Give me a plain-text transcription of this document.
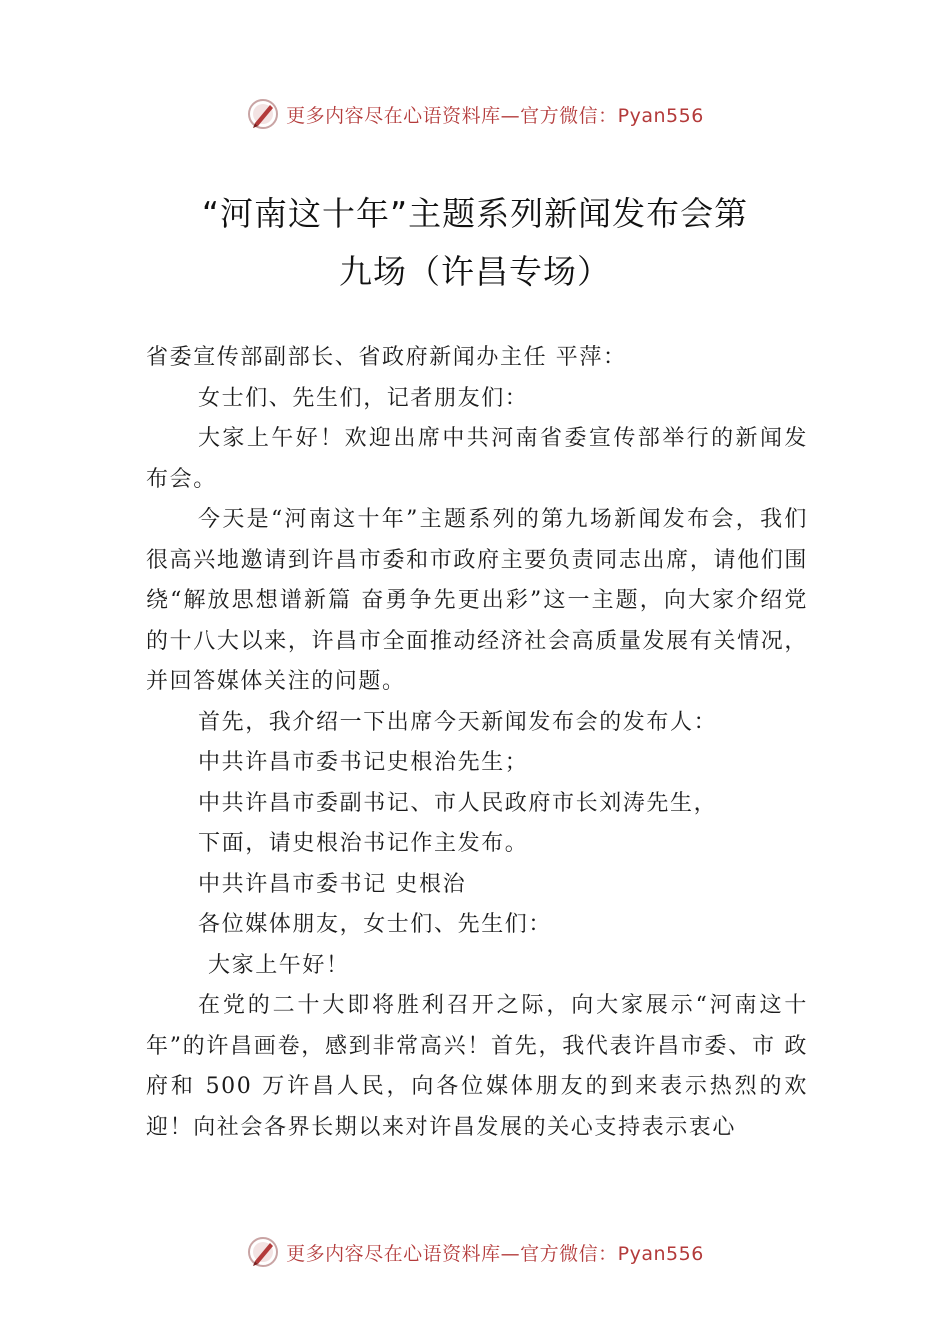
更多内容尽在心语资料库—官方微信：Pyan556
“河南这十年”主题系列新闻发布会第
九场（许昌专场）

省委宣传部副部长、省政府新闻办主任 平萍：

女士们、先生们，记者朋友们：

大家上午好！欢迎出席中共河南省委宣传部举行的新闻发布会。

今天是“河南这十年”主题系列的第九场新闻发布会，我们很高兴地邀请到许昌市委和市政府主要负责同志出席，请他们围绕“解放思想谱新篇 奋勇争先更出彩”这一主题，向大家介绍党的十八大以来，许昌市全面推动经济社会高质量发展有关情况，并回答媒体关注的问题。

首先，我介绍一下出席今天新闻发布会的发布人：

中共许昌市委书记史根治先生；

中共许昌市委副书记、市人民政府市长刘涛先生，

下面，请史根治书记作主发布。

中共许昌市委书记 史根治

各位媒体朋友，女士们、先生们：

大家上午好！

在党的二十大即将胜利召开之际，向大家展示“河南这十年”的许昌画卷，感到非常高兴！首先，我代表许昌市委、市 政府和 500 万许昌人民，向各位媒体朋友的到来表示热烈的欢迎！向社会各界长期以来对许昌发展的关心支持表示衷心

更多内容尽在心语资料库—官方微信：Pyan556
